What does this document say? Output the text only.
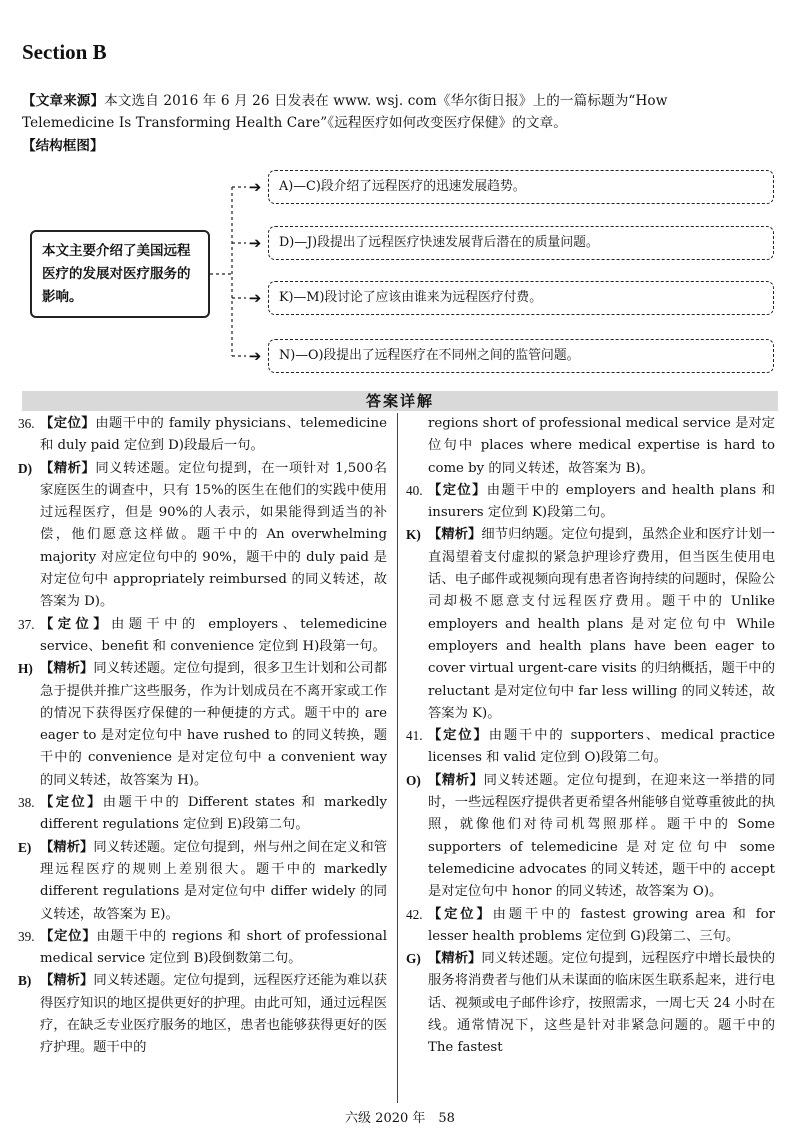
Section B
【文章来源】本文选自 2016 年 6 月 26 日发表在 www. wsj. com《华尔街日报》上的一篇标题为“How
Telemedicine Is Transforming Health Care”《远程医疗如何改变医疗保健》的文章。
【结构框图】
本文主要介绍了美国远程医疗的发展对医疗服务的影响。
➔
➔
➔
➔
A)—C)段介绍了远程医疗的迅速发展趋势。
D)—J)段提出了远程医疗快速发展背后潜在的质量问题。
K)—M)段讨论了应该由谁来为远程医疗付费。
N)—O)段提出了远程医疗在不同州之间的监管问题。
答案详解
36. 【定位】由题干中的 family physicians、telemedicine 和 duly paid 定位到 D)段最后一句。
D) 【精析】同义转述题。定位句提到，在一项针对 1,500名家庭医生的调查中，只有 15%的医生在他们的实践中使用过远程医疗，但是 90%的人表示，如果能得到适当的补偿，他们愿意这样做。题干中的 An overwhelming majority 对应定位句中的 90%，题干中的 duly paid 是对定位句中 appropriately reimbursed 的同义转述，故答案为 D)。
37. 【定位】由题干中的 employers、telemedicine service、benefit 和 convenience 定位到 H)段第一句。
H) 【精析】同义转述题。定位句提到，很多卫生计划和公司都急于提供并推广这些服务，作为计划成员在不离开家或工作的情况下获得医疗保健的一种便捷的方式。题干中的 are eager to 是对定位句中 have rushed to 的同义转换，题干中的 convenience 是对定位句中 a convenient way 的同义转述，故答案为 H)。
38. 【定位】由题干中的 Different states 和 markedly different regulations 定位到 E)段第二句。
E) 【精析】同义转述题。定位句提到，州与州之间在定义和管理远程医疗的规则上差别很大。题干中的 markedly different regulations 是对定位句中 differ widely 的同义转述，故答案为 E)。
39. 【定位】由题干中的 regions 和 short of professional medical service 定位到 B)段倒数第二句。
B) 【精析】同义转述题。定位句提到，远程医疗还能为难以获得医疗知识的地区提供更好的护理。由此可知，通过远程医疗，在缺乏专业医疗服务的地区，患者也能够获得更好的医疗护理。题干中的
regions short of professional medical service 是对定位句中 places where medical expertise is hard to come by 的同义转述，故答案为 B)。
40. 【定位】由题干中的 employers and health plans 和 insurers 定位到 K)段第二句。
K) 【精析】细节归纳题。定位句提到，虽然企业和医疗计划一直渴望着支付虚拟的紧急护理诊疗费用，但当医生使用电话、电子邮件或视频向现有患者咨询持续的问题时，保险公司却极不愿意支付远程医疗费用。题干中的 Unlike employers and health plans 是对定位句中 While employers and health plans have been eager to cover virtual urgent-care visits 的归纳概括，题干中的 reluctant 是对定位句中 far less willing 的同义转述，故答案为 K)。
41. 【定位】由题干中的 supporters、medical practice licenses 和 valid 定位到 O)段第二句。
O) 【精析】同义转述题。定位句提到，在迎来这一举措的同时，一些远程医疗提供者更希望各州能够自觉尊重彼此的执照，就像他们对待司机驾照那样。题干中的 Some supporters of telemedicine 是对定位句中 some telemedicine advocates 的同义转述，题干中的 accept 是对定位句中 honor 的同义转述，故答案为 O)。
42. 【定位】由题干中的 fastest growing area 和 for lesser health problems 定位到 G)段第二、三句。
G) 【精析】同义转述题。定位句提到，远程医疗中增长最快的服务将消费者与他们从未谋面的临床医生联系起来，进行电话、视频或电子邮件诊疗，按照需求，一周七天 24 小时在线。通常情况下，这些是针对非紧急问题的。题干中的 The fastest
六级 2020 年　58
